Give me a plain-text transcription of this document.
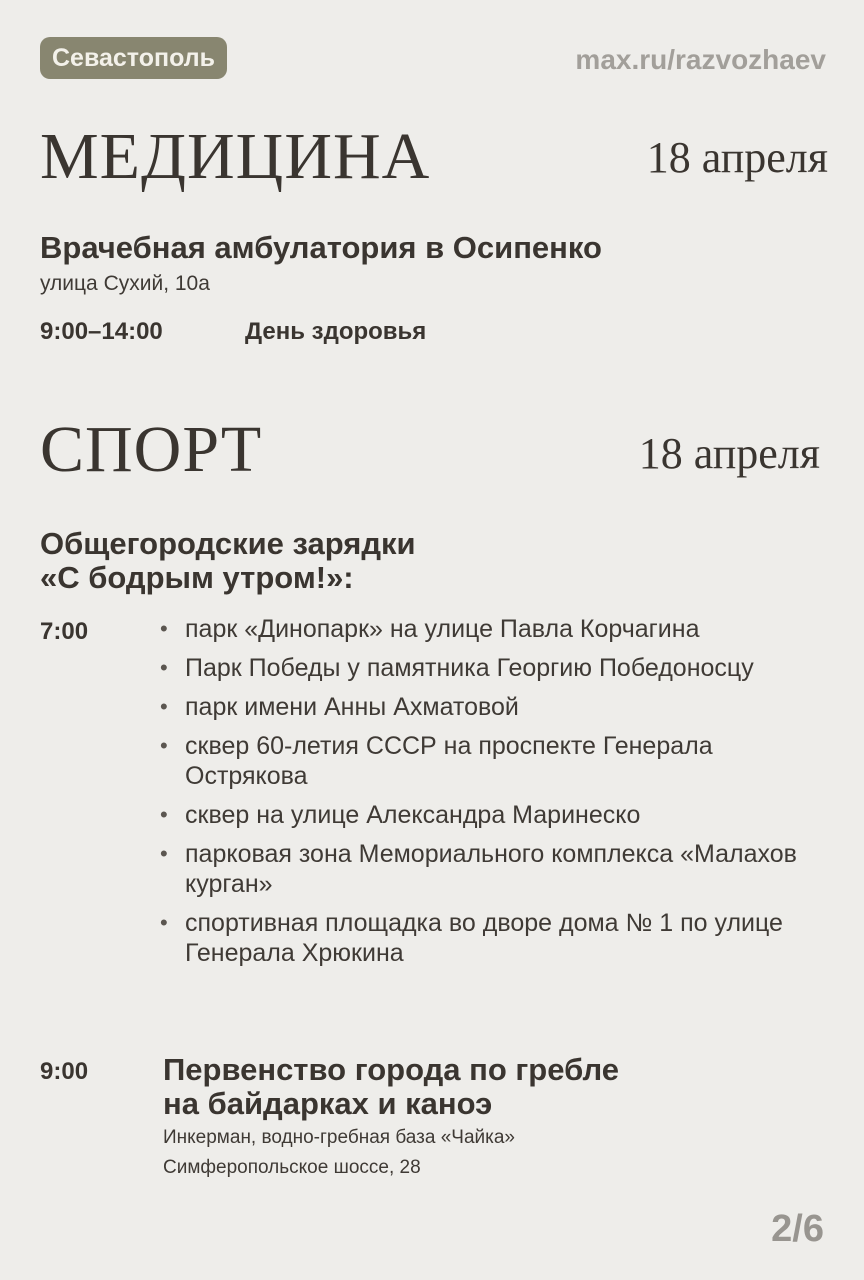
Севастополь	max.ru/razvozhaev
МЕДИЦИНА	18 апреля
Врачебная амбулатория в Осипенко
улица Сухий, 10а
9:00–14:00	День здоровья
СПОРТ	18 апреля
Общегородские зарядки
«С бодрым утром!»:
7:00	• парк «Динопарк» на улице Павла Корчагина
• Парк Победы у памятника Георгию Победоносцу
• парк имени Анны Ахматовой
• сквер 60-летия СССР на проспекте Генерала Острякова
• сквер на улице Александра Маринеско
• парковая зона Мемориального комплекса «Малахов курган»
• спортивная площадка во дворе дома № 1 по улице Генерала Хрюкина
9:00 Первенство города по гребле
на байдарках и каноэ
Инкерман, водно-гребная база «Чайка»
Симферопольское шоссе, 28
2/6
